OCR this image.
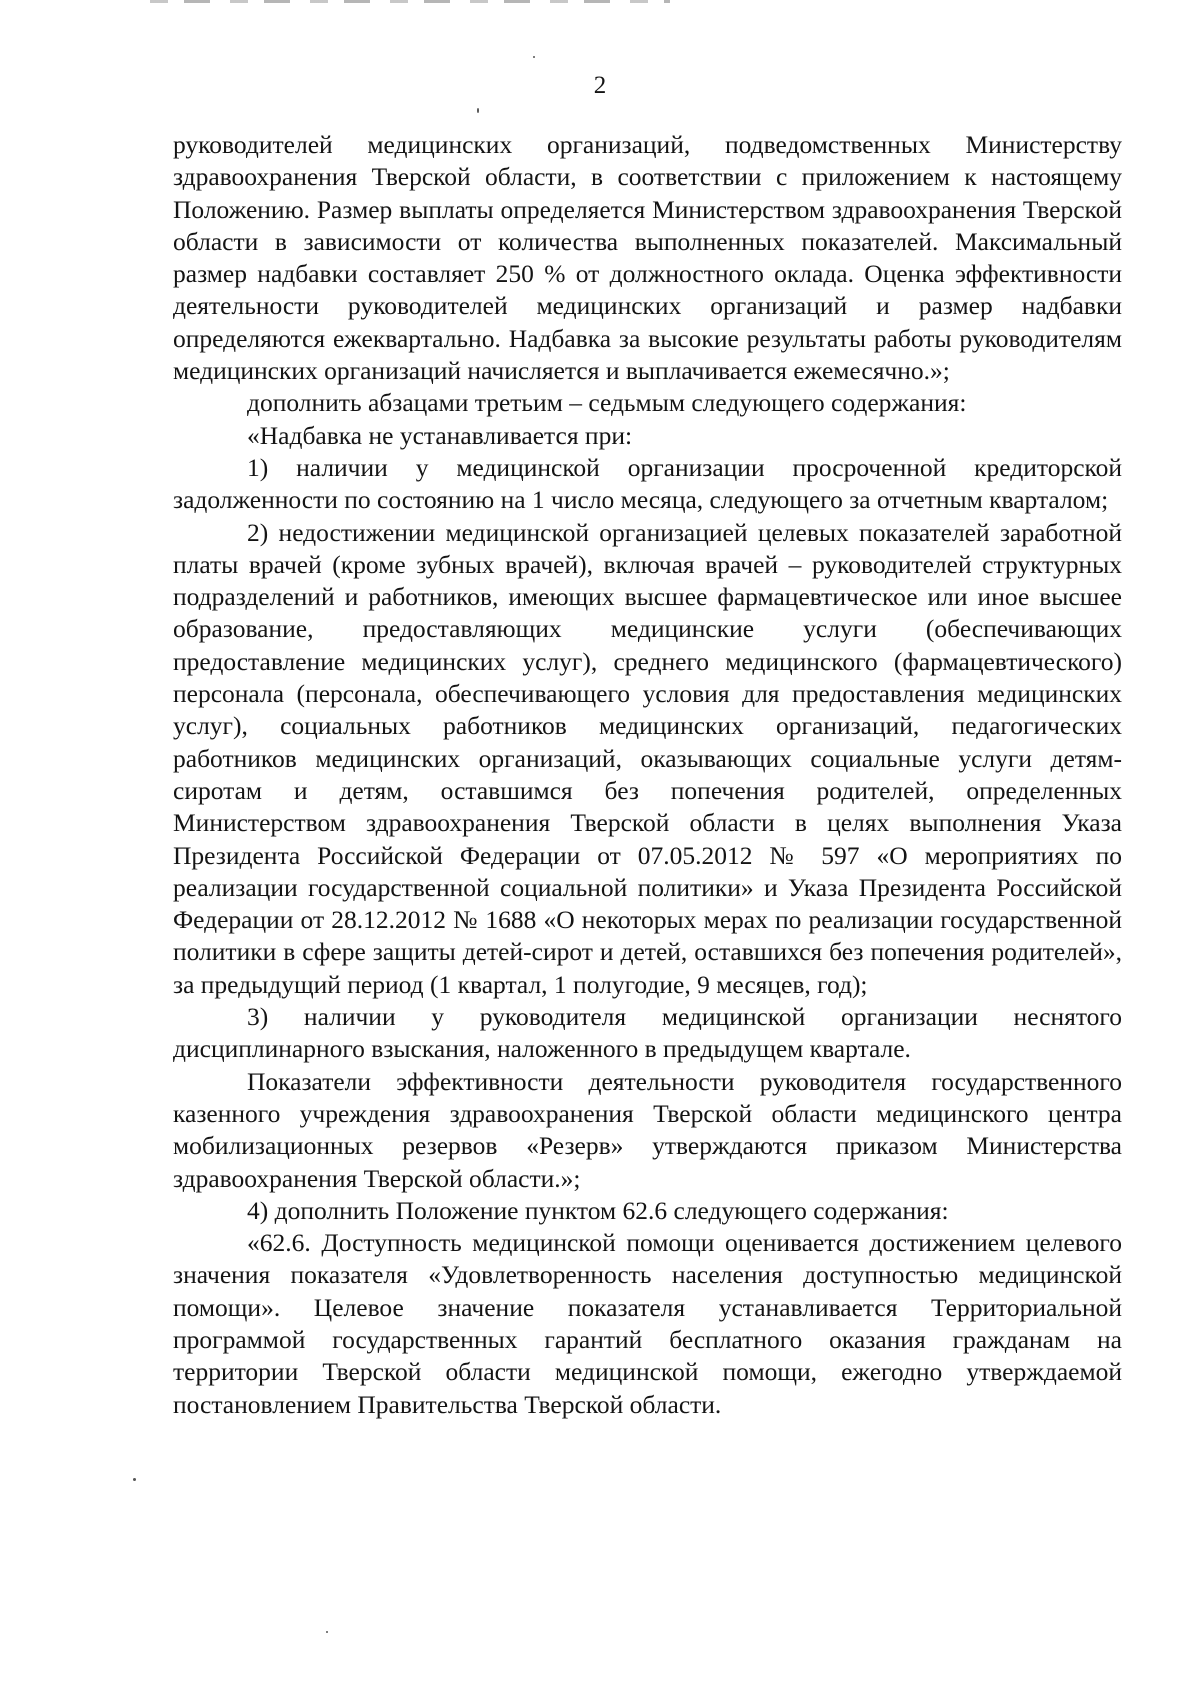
2

руководителей медицинских организаций, подведомственных Министерству здравоохранения Тверской области, в соответствии с приложением к настоящему Положению. Размер выплаты определяется Министерством здравоохранения Тверской области в зависимости от количества выполненных показателей. Максимальный размер надбавки составляет 250 % от должностного оклада. Оценка эффективности деятельности руководителей медицинских организаций и размер надбавки определяются ежеквартально. Надбавка за высокие результаты работы руководителям медицинских организаций начисляется и выплачивается ежемесячно.»;

дополнить абзацами третьим – седьмым следующего содержания:

«Надбавка не устанавливается при:

1) наличии у медицинской организации просроченной кредиторской задолженности по состоянию на 1 число месяца, следующего за отчетным кварталом;

2) недостижении медицинской организацией целевых показателей заработной платы врачей (кроме зубных врачей), включая врачей – руководителей структурных подразделений и работников, имеющих высшее фармацевтическое или иное высшее образование, предоставляющих медицинские услуги (обеспечивающих предоставление медицинских услуг), среднего медицинского (фармацевтического) персонала (персонала, обеспечивающего условия для предоставления медицинских услуг), социальных работников медицинских организаций, педагогических работников медицинских организаций, оказывающих социальные услуги детям-сиротам и детям, оставшимся без попечения родителей, определенных Министерством здравоохранения Тверской области в целях выполнения Указа Президента Российской Федерации от 07.05.2012 № 597 «О мероприятиях по реализации государственной социальной политики» и Указа Президента Российской Федерации от 28.12.2012 № 1688 «О некоторых мерах по реализации государственной политики в сфере защиты детей-сирот и детей, оставшихся без попечения родителей», за предыдущий период (1 квартал, 1 полугодие, 9 месяцев, год);

3) наличии у руководителя медицинской организации неснятого дисциплинарного взыскания, наложенного в предыдущем квартале.

Показатели эффективности деятельности руководителя государственного казенного учреждения здравоохранения Тверской области медицинского центра мобилизационных резервов «Резерв» утверждаются приказом Министерства здравоохранения Тверской области.»;

4) дополнить Положение пунктом 62.6 следующего содержания:

«62.6. Доступность медицинской помощи оценивается достижением целевого значения показателя «Удовлетворенность населения доступностью медицинской помощи». Целевое значение показателя устанавливается Территориальной программой государственных гарантий бесплатного оказания гражданам на территории Тверской области медицинской помощи, ежегодно утверждаемой постановлением Правительства Тверской области.
